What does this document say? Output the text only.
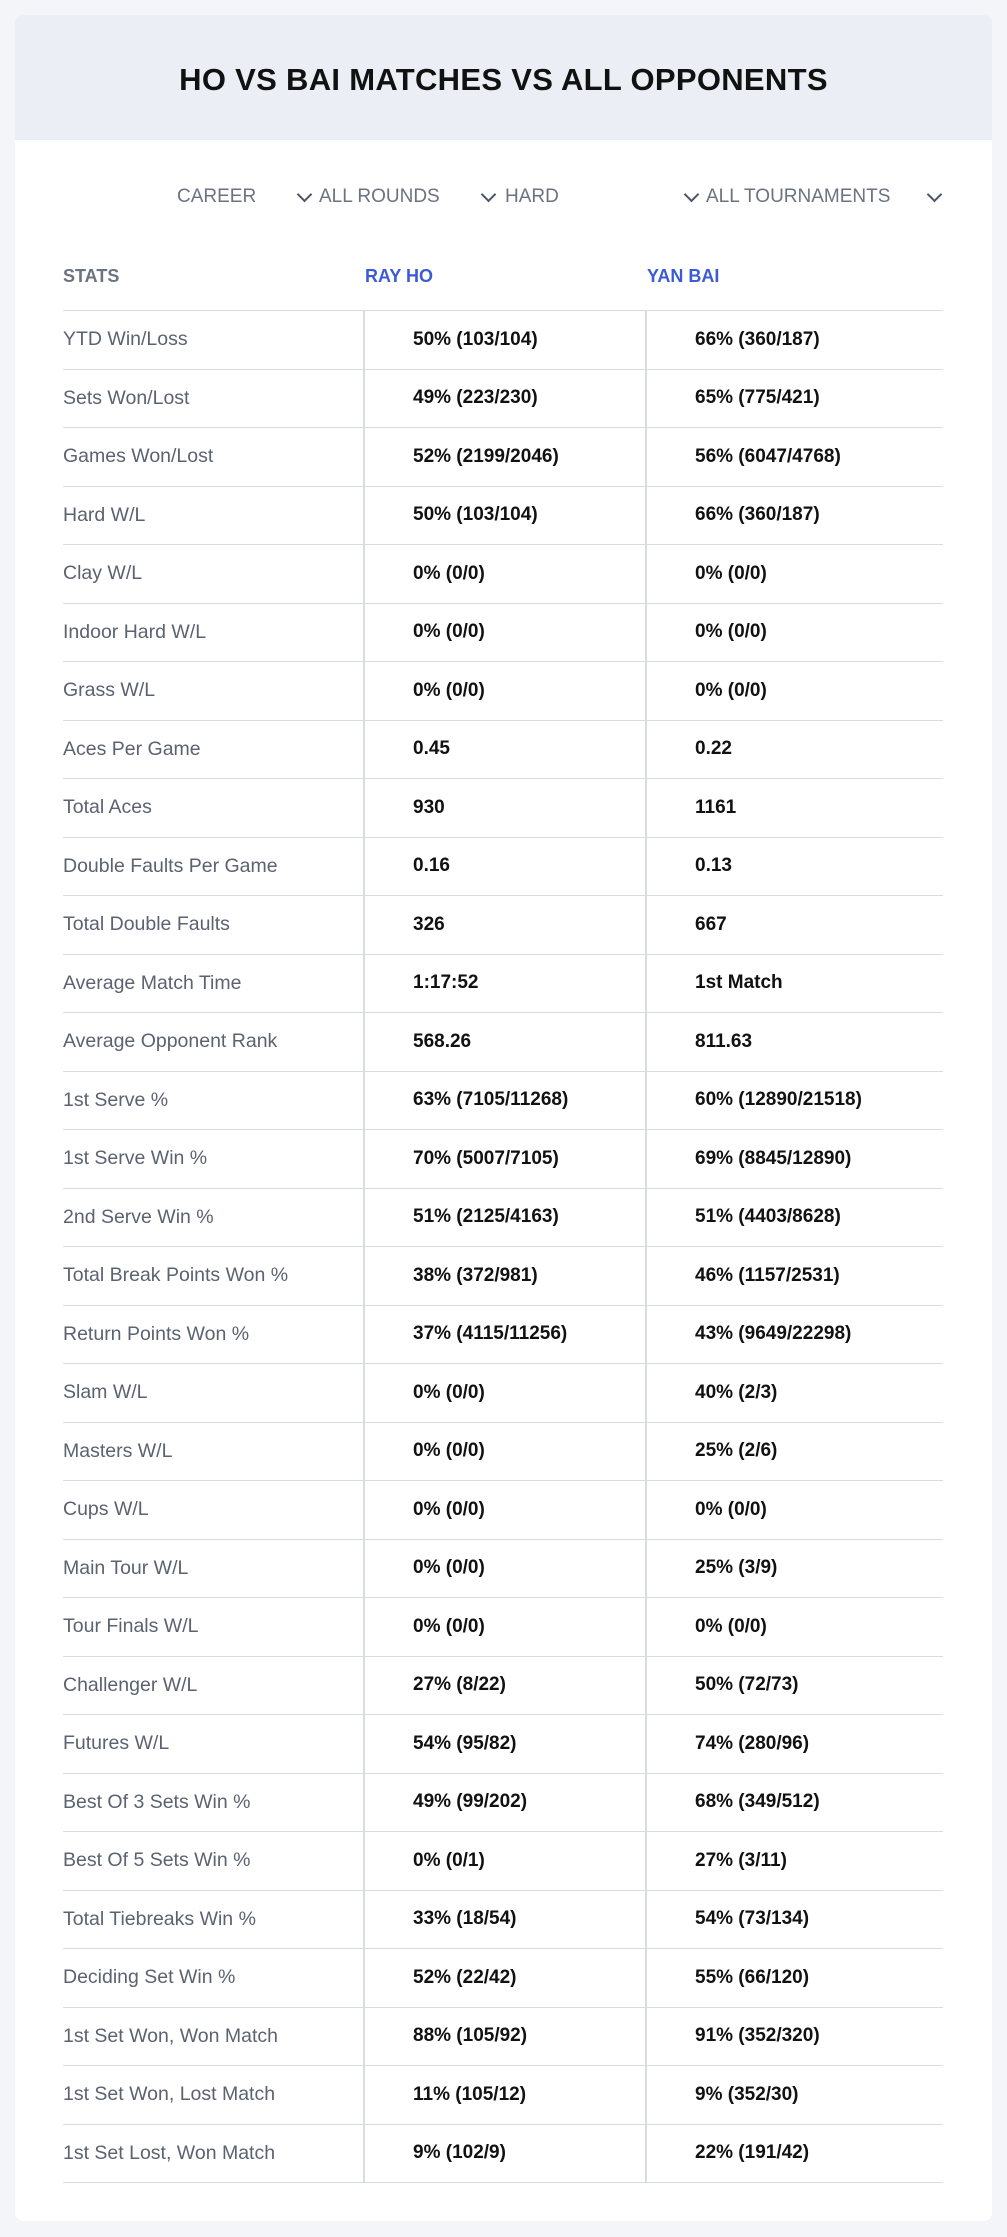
HO VS BAI MATCHES VS ALL OPPONENTS
CAREER	ALL ROUNDS	HARD	ALL TOURNAMENTS
STATS	RAY HO	YAN BAI
YTD Win/Loss	50% (103/104)	66% (360/187)
Sets Won/Lost	49% (223/230)	65% (775/421)
Games Won/Lost	52% (2199/2046)	56% (6047/4768)
Hard W/L	50% (103/104)	66% (360/187)
Clay W/L	0% (0/0)	0% (0/0)
Indoor Hard W/L	0% (0/0)	0% (0/0)
Grass W/L	0% (0/0)	0% (0/0)
Aces Per Game	0.45	0.22
Total Aces	930	1161
Double Faults Per Game	0.16	0.13
Total Double Faults	326	667
Average Match Time	1:17:52	1st Match
Average Opponent Rank	568.26	811.63
1st Serve %	63% (7105/11268)	60% (12890/21518)
1st Serve Win %	70% (5007/7105)	69% (8845/12890)
2nd Serve Win %	51% (2125/4163)	51% (4403/8628)
Total Break Points Won %	38% (372/981)	46% (1157/2531)
Return Points Won %	37% (4115/11256)	43% (9649/22298)
Slam W/L	0% (0/0)	40% (2/3)
Masters W/L	0% (0/0)	25% (2/6)
Cups W/L	0% (0/0)	0% (0/0)
Main Tour W/L	0% (0/0)	25% (3/9)
Tour Finals W/L	0% (0/0)	0% (0/0)
Challenger W/L	27% (8/22)	50% (72/73)
Futures W/L	54% (95/82)	74% (280/96)
Best Of 3 Sets Win %	49% (99/202)	68% (349/512)
Best Of 5 Sets Win %	0% (0/1)	27% (3/11)
Total Tiebreaks Win %	33% (18/54)	54% (73/134)
Deciding Set Win %	52% (22/42)	55% (66/120)
1st Set Won, Won Match	88% (105/92)	91% (352/320)
1st Set Won, Lost Match	11% (105/12)	9% (352/30)
1st Set Lost, Won Match	9% (102/9)	22% (191/42)
